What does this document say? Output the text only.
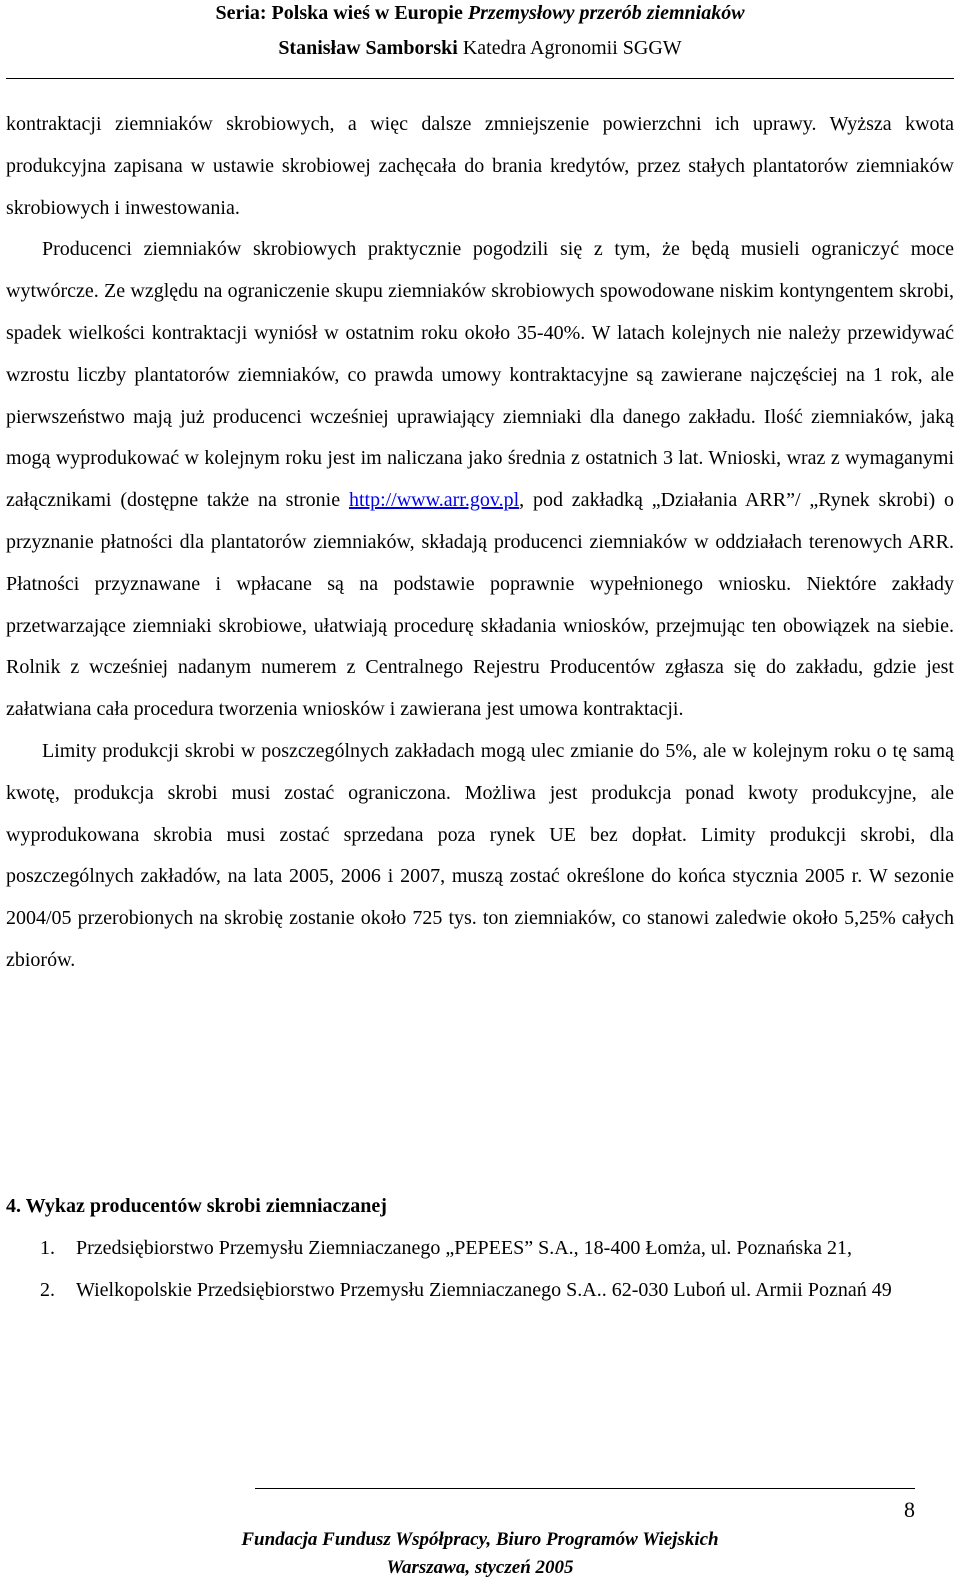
Seria: Polska wieś w Europie Przemysłowy przerób ziemniaków
Stanisław Samborski Katedra Agronomii SGGW

kontraktacji ziemniaków skrobiowych, a więc dalsze zmniejszenie powierzchni ich uprawy. Wyższa kwota produkcyjna zapisana w ustawie skrobiowej zachęcała do brania kredytów, przez stałych plantatorów ziemniaków skrobiowych i inwestowania.

Producenci ziemniaków skrobiowych praktycznie pogodzili się z tym, że będą musieli ograniczyć moce wytwórcze. Ze względu na ograniczenie skupu ziemniaków skrobiowych spowodowane niskim kontyngentem skrobi, spadek wielkości kontraktacji wyniósł w ostatnim roku około 35-40%. W latach kolejnych nie należy przewidywać wzrostu liczby plantatorów ziemniaków, co prawda umowy kontraktacyjne są zawierane najczęściej na 1 rok, ale pierwszeństwo mają już producenci wcześniej uprawiający ziemniaki dla danego zakładu. Ilość ziemniaków, jaką mogą wyprodukować w kolejnym roku jest im naliczana jako średnia z ostatnich 3 lat. Wnioski, wraz z wymaganymi załącznikami (dostępne także na stronie http://www.arr.gov.pl, pod zakładką „Działania ARR”/ „Rynek skrobi) o przyznanie płatności dla plantatorów ziemniaków, składają producenci ziemniaków w oddziałach terenowych ARR. Płatności przyznawane i wpłacane są na podstawie poprawnie wypełnionego wniosku. Niektóre zakłady przetwarzające ziemniaki skrobiowe, ułatwiają procedurę składania wniosków, przejmując ten obowiązek na siebie. Rolnik z wcześniej nadanym numerem z Centralnego Rejestru Producentów zgłasza się do zakładu, gdzie jest załatwiana cała procedura tworzenia wniosków i zawierana jest umowa kontraktacji.

Limity produkcji skrobi w poszczególnych zakładach mogą ulec zmianie do 5%, ale w kolejnym roku o tę samą kwotę, produkcja skrobi musi zostać ograniczona. Możliwa jest produkcja ponad kwoty produkcyjne, ale wyprodukowana skrobia musi zostać sprzedana poza rynek UE bez dopłat. Limity produkcji skrobi, dla poszczególnych zakładów, na lata 2005, 2006 i 2007, muszą zostać określone do końca stycznia 2005 r. W sezonie 2004/05 przerobionych na skrobię zostanie około 725 tys. ton ziemniaków, co stanowi zaledwie około 5,25% całych zbiorów.

4. Wykaz producentów skrobi ziemniaczanej
1. Przedsiębiorstwo Przemysłu Ziemniaczanego „PEPEES” S.A., 18-400 Łomża, ul. Poznańska 21,
2. Wielkopolskie Przedsiębiorstwo Przemysłu Ziemniaczanego S.A.. 62-030 Luboń ul. Armii Poznań 49
8
Fundacja Fundusz Współpracy, Biuro Programów Wiejskich
Warszawa, styczeń 2005
